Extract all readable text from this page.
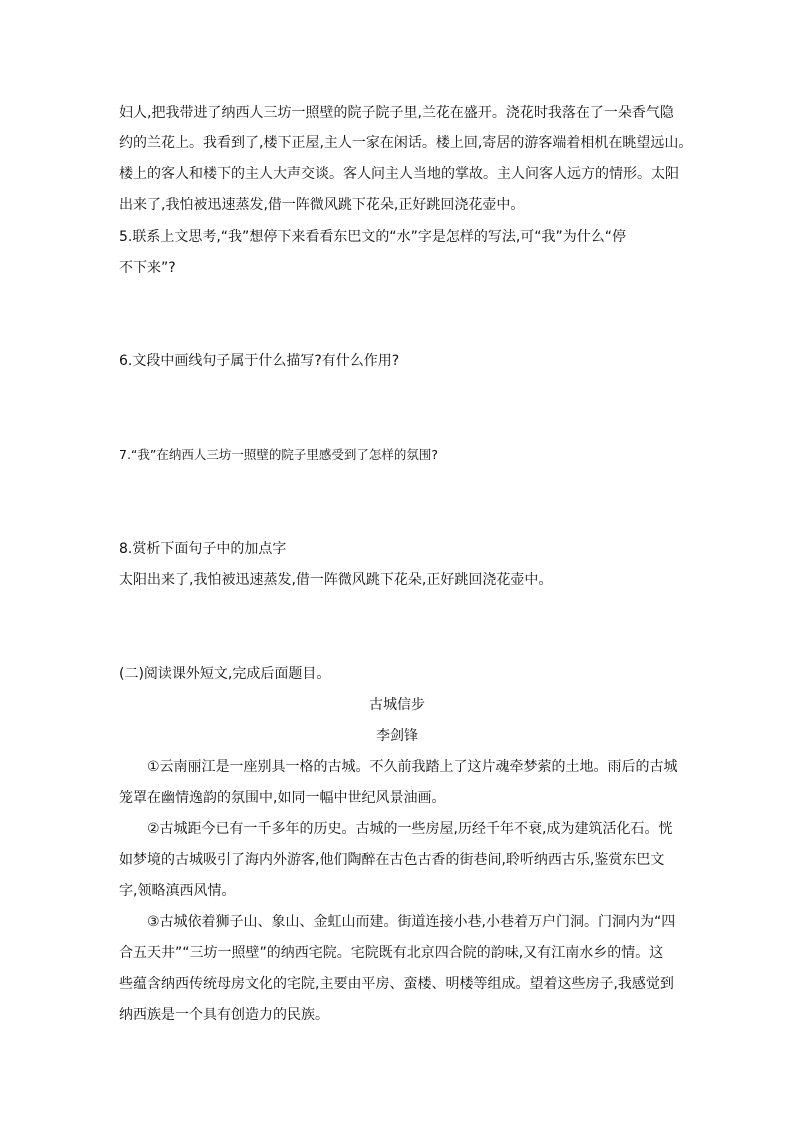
妇人,把我带进了纳西人三坊一照壁的院子院子里,兰花在盛开。浇花时我落在了一朵香气隐
约的兰花上。我看到了,楼下正屋,主人一家在闲话。楼上回,寄居的游客端着相机在眺望远山。
楼上的客人和楼下的主人大声交谈。客人问主人当地的掌故。主人问客人远方的情形。太阳
出来了,我怕被迅速蒸发,借一阵微风跳下花朵,正好跳回浇花壶中。
5.联系上文思考,“我”想停下来看看东巴文的“水”字是怎样的写法,可“我”为什么“停
不下来”?
6.文段中画线句子属于什么描写?有什么作用?
7.“我”在纳西人三坊一照壁的院子里感受到了怎样的氛围?
8.赏析下面句子中的加点字
太阳出来了,我怕被迅速蒸发,借一阵微风跳下花朵,正好跳回浇花壶中。
(二)阅读课外短文,完成后面题目。
古城信步
李剑锋
①云南丽江是一座别具一格的古城。不久前我踏上了这片魂牵梦萦的土地。雨后的古城
笼罩在幽情逸韵的氛围中,如同一幅中世纪风景油画。
②古城距今已有一千多年的历史。古城的一些房屋,历经千年不衰,成为建筑活化石。恍
如梦境的古城吸引了海内外游客,他们陶醉在古色古香的街巷间,聆听纳西古乐,鉴赏东巴文
字,领略滇西风情。
③古城依着狮子山、象山、金虹山而建。街道连接小巷,小巷着万户门洞。门洞内为“四
合五天井”“三坊一照壁”的纳西宅院。宅院既有北京四合院的韵味,又有江南水乡的情。这
些蕴含纳西传统母房文化的宅院,主要由平房、蛮楼、明楼等组成。望着这些房子,我感觉到
纳西族是一个具有创造力的民族。
